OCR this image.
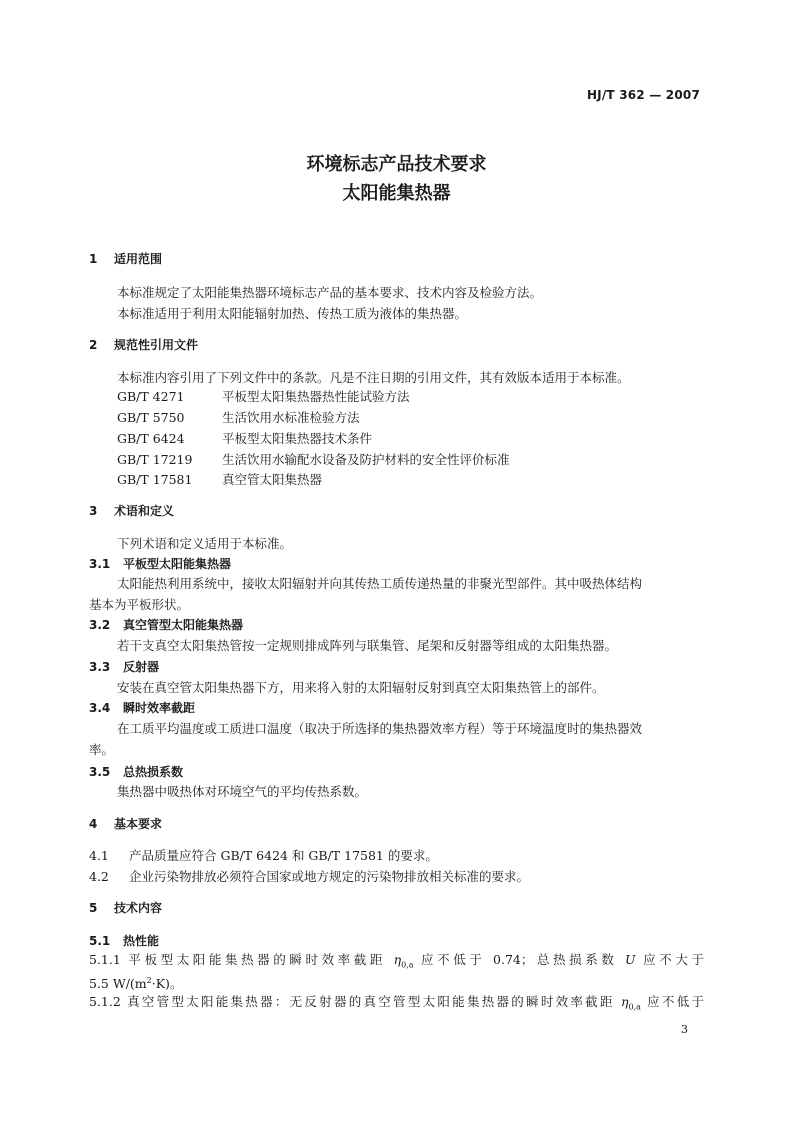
HJ/T 362 — 2007
环境标志产品技术要求
太阳能集热器
1 适用范围
本标准规定了太阳能集热器环境标志产品的基本要求、技术内容及检验方法。
本标准适用于利用太阳能辐射加热、传热工质为液体的集热器。
2 规范性引用文件
本标准内容引用了下列文件中的条款。凡是不注日期的引用文件，其有效版本适用于本标准。
GB/T 4271	平板型太阳集热器热性能试验方法
GB/T 5750	生活饮用水标准检验方法
GB/T 6424	平板型太阳集热器技术条件
GB/T 17219 生活饮用水输配水设备及防护材料的安全性评价标准
GB/T 17581 真空管太阳集热器
3 术语和定义
下列术语和定义适用于本标准。
3.1 平板型太阳能集热器
太阳能热利用系统中，接收太阳辐射并向其传热工质传递热量的非聚光型部件。其中吸热体结构
基本为平板形状。
3.2 真空管型太阳能集热器
若干支真空太阳集热管按一定规则排成阵列与联集管、尾架和反射器等组成的太阳集热器。
3.3 反射器
安装在真空管太阳集热器下方，用来将入射的太阳辐射反射到真空太阳集热管上的部件。
3.4 瞬时效率截距
在工质平均温度或工质进口温度（取决于所选择的集热器效率方程）等于环境温度时的集热器效
率。
3.5 总热损系数
集热器中吸热体对环境空气的平均传热系数。
4 基本要求
4.1 产品质量应符合 GB/T 6424 和 GB/T 17581 的要求。
4.2 企业污染物排放必须符合国家或地方规定的污染物排放相关标准的要求。
5 技术内容
5.1 热性能
5.1.1 平板型太阳能集热器的瞬时效率截距 $\eta_{0,a}$ 应不低于 0.74；总热损系数 U 应不大于
5.5 $W/(m^2\cdot K)$。
5.1.2 真空管型太阳能集热器：无反射器的真空管型太阳能集热器的瞬时效率截距 $\eta_{0,a}$ 应不低于
3
